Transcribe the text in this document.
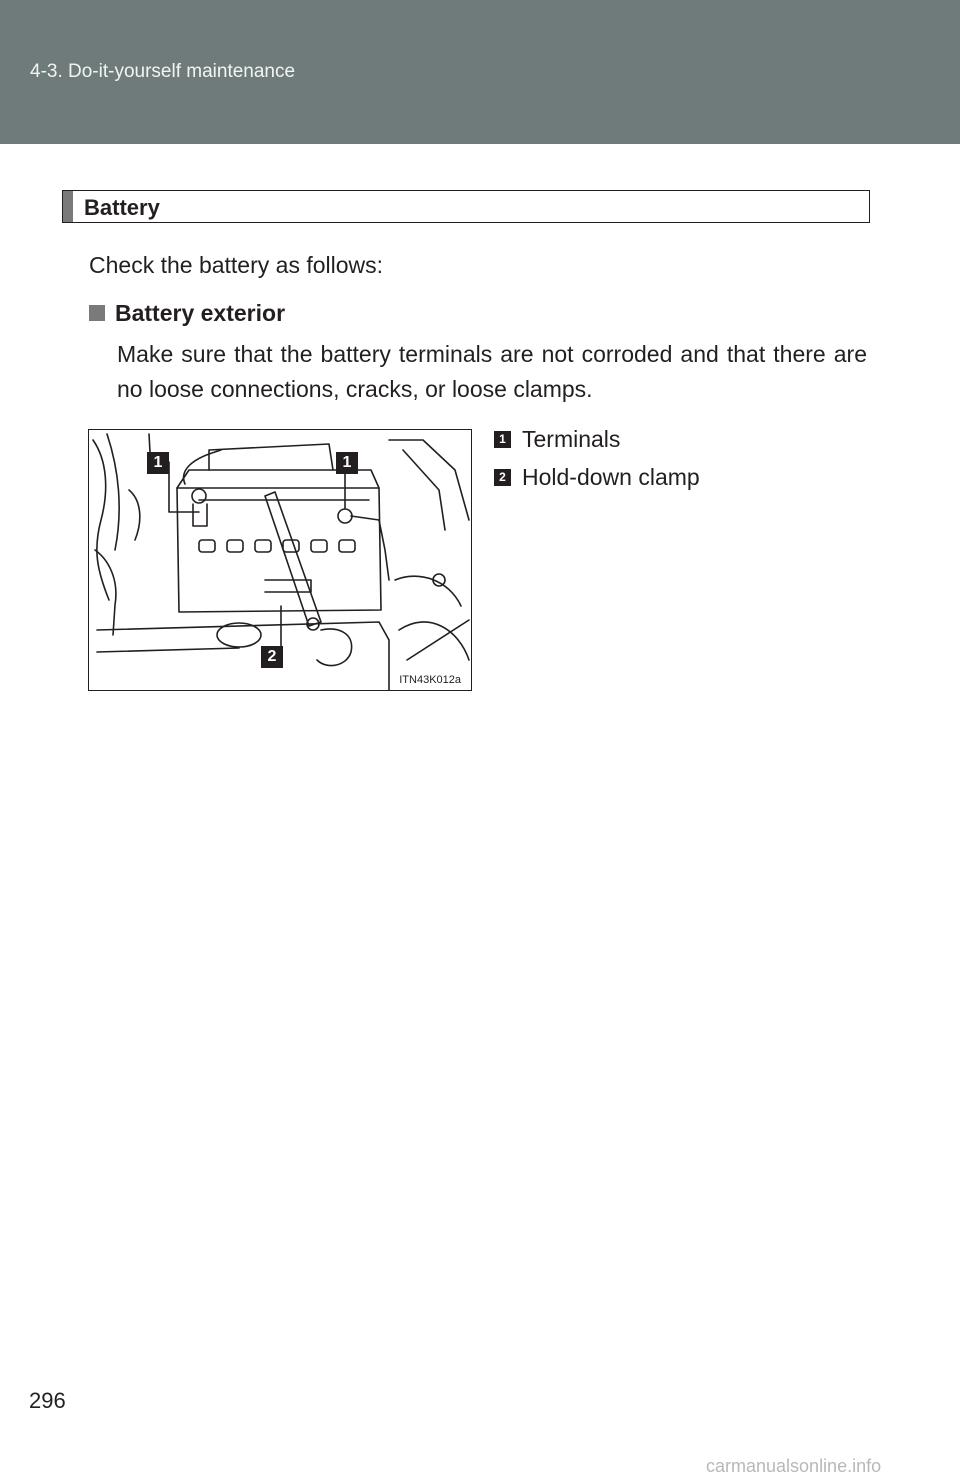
4-3. Do-it-yourself maintenance
Battery
Check the battery as follows:
Battery exterior
Make sure that the battery terminals are not corroded and that there are no loose connections, cracks, or loose clamps.
1	1
2
ITN43K012a
1 Terminals
2 Hold-down clamp
296
carmanualsonline.info
